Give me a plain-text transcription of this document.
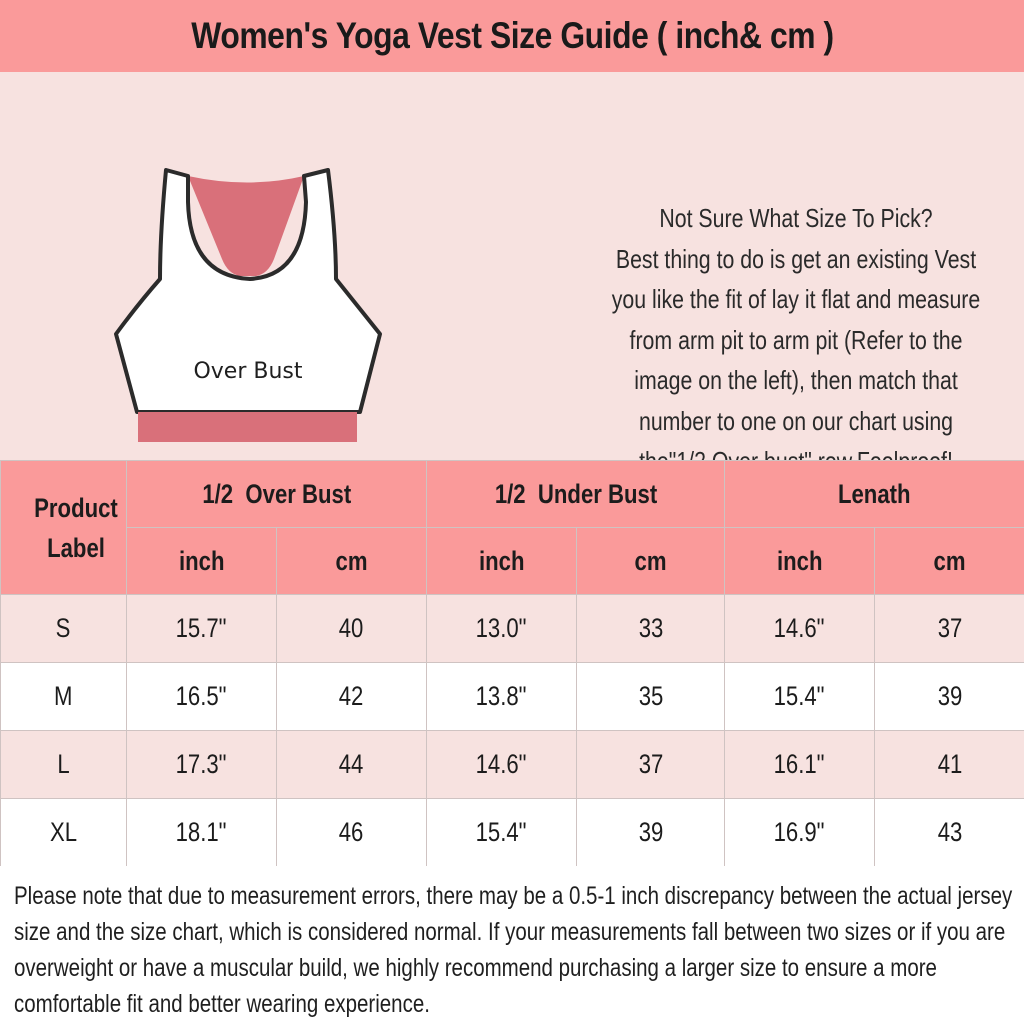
Women's Yoga Vest Size Guide ( inch& cm )
Over Bust
Not Sure What Size To Pick?
Best thing to do is get an existing Vest
you like the fit of lay it flat and measure
from arm pit to arm pit (Refer to the
image on the left), then match that
number to one on our chart using
Product Label	1/2  Over Bust		1/2  Under Bust		Lenath	
	inch	cm	inch	cm	inch	cm
S	15.7"	40	13.0"	33	14.6"	37
M	16.5"	42	13.8"	35	15.4"	39
L	17.3"	44	14.6"	37	16.1"	41
XL	18.1"	46	15.4"	39	16.9"	43

Please note that due to measurement errors, there may be a 0.5-1 inch discrepancy between the actual jersey size and the size chart, which is considered normal. If your measurements fall between two sizes or if you are overweight or have a muscular build, we highly recommend purchasing a larger size to ensure a more comfortable fit and better wearing experience.
